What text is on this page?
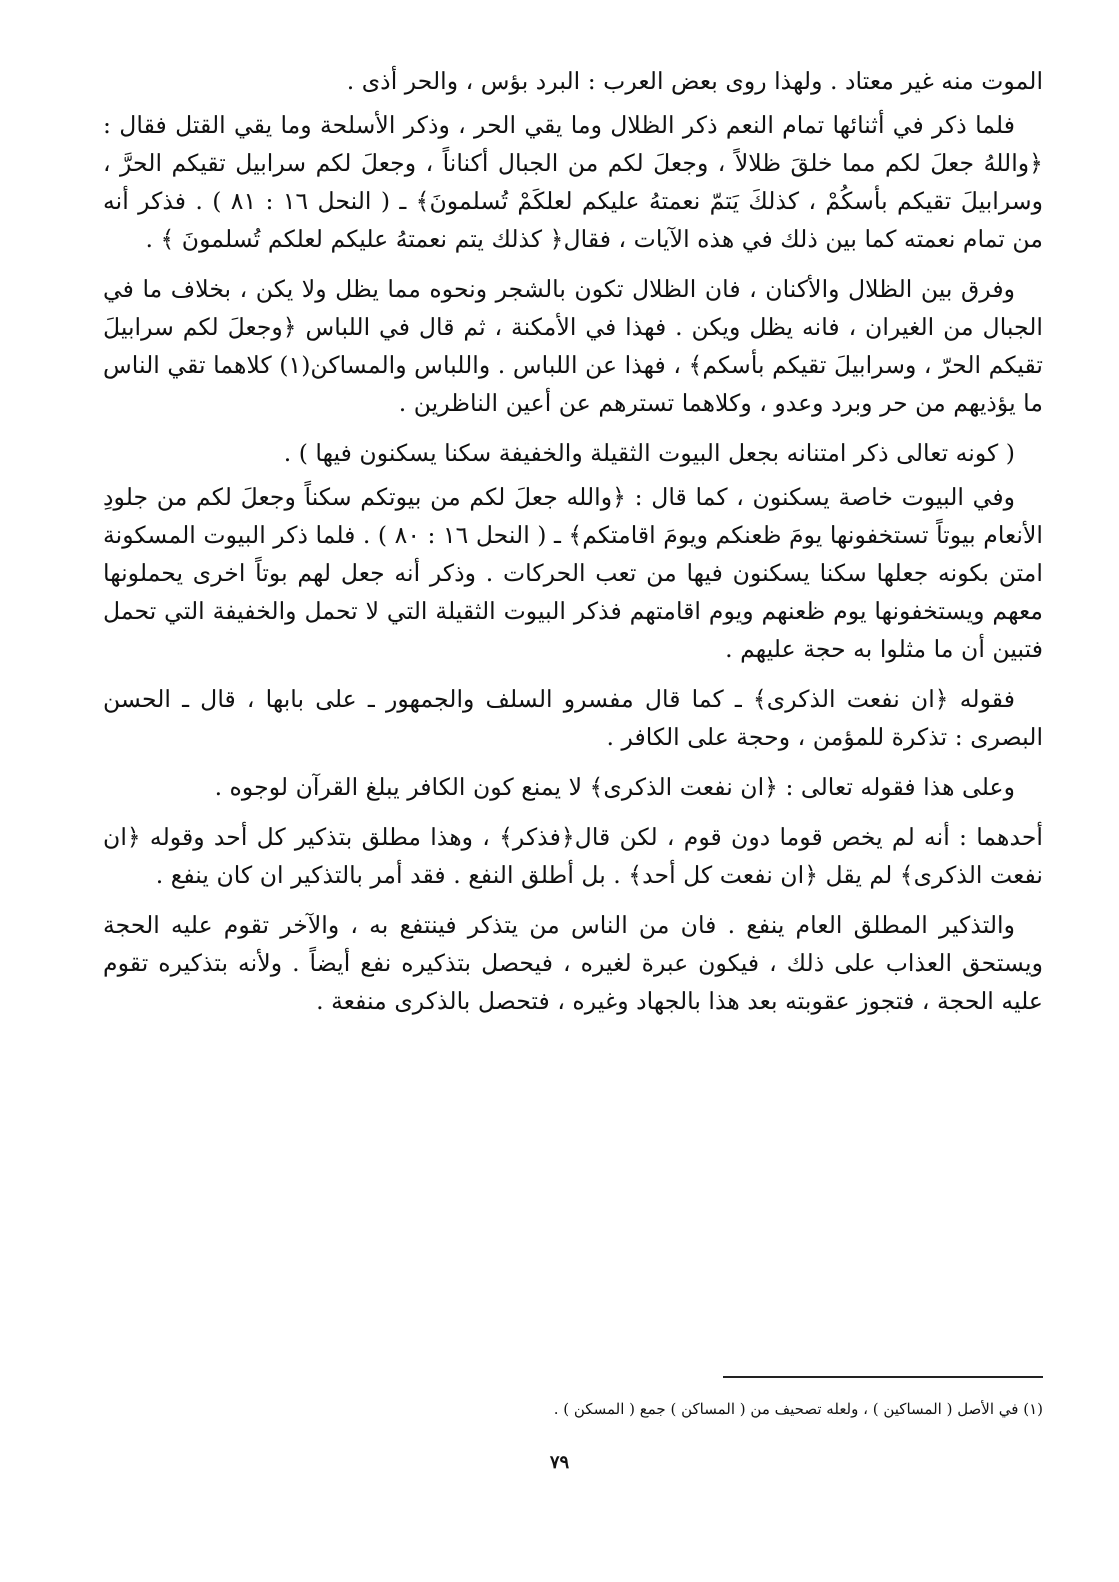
الموت منه غير معتاد . ولهذا روى بعض العرب : البرد بؤس ، والحر أذى .

فلما ذكر في أثنائها تمام النعم ذكر الظلال وما يقي الحر ، وذكر الأسلحة وما يقي القتل فقال : ﴿واللهُ جعلَ لكم مما خلقَ ظلالاً ، وجعلَ لكم من الجبال أكناناً ، وجعلَ لكم سرابيل تقيكم الحرَّ ، وسرابيلَ تقيكم بأسكُمْ ، كذلكَ يَتمّ نعمتهُ عليكم لعلكَمْ تُسلمونَ﴾ ـ ( النحل ١٦ : ٨١ ) . فذكر أنه من تمام نعمته كما بين ذلك في هذه الآيات ، فقال﴿ كذلك يتم نعمتهُ عليكم لعلكم تُسلمونَ ﴾ .

وفرق بين الظلال والأكنان ، فان الظلال تكون بالشجر ونحوه مما يظل ولا يكن ، بخلاف ما في الجبال من الغيران ، فانه يظل ويكن . فهذا في الأمكنة ، ثم قال في اللباس ﴿وجعلَ لكم سرابيلَ تقيكم الحرّ ، وسرابيلَ تقيكم بأسكم﴾ ، فهذا عن اللباس . واللباس والمساكن(١) كلاهما تقي الناس ما يؤذيهم من حر وبرد وعدو ، وكلاهما تسترهم عن أعين الناظرين .

( كونه تعالى ذكر امتنانه بجعل البيوت الثقيلة والخفيفة سكنا يسكنون فيها ) .

وفي البيوت خاصة يسكنون ، كما قال : ﴿والله جعلَ لكم من بيوتكم سكناً وجعلَ لكم من جلودِ الأنعام بيوتاً تستخفونها يومَ ظعنكم ويومَ اقامتكم﴾ ـ ( النحل ١٦ : ٨٠ ) . فلما ذكر البيوت المسكونة امتن بكونه جعلها سكنا يسكنون فيها من تعب الحركات . وذكر أنه جعل لهم بوتاً اخرى يحملونها معهم ويستخفونها يوم ظعنهم ويوم اقامتهم فذكر البيوت الثقيلة التي لا تحمل والخفيفة التي تحمل فتبين أن ما مثلوا به حجة عليهم .

فقوله ﴿ان نفعت الذكرى﴾ ـ كما قال مفسرو السلف والجمهور ـ على بابها ، قال ـ الحسن البصرى : تذكرة للمؤمن ، وحجة على الكافر .

وعلى هذا فقوله تعالى : ﴿ان نفعت الذكرى﴾ لا يمنع كون الكافر يبلغ القرآن لوجوه .

أحدهما : أنه لم يخص قوما دون قوم ، لكن قال﴿فذكر﴾ ، وهذا مطلق بتذكير كل أحد وقوله ﴿ان نفعت الذكرى﴾ لم يقل ﴿ان نفعت كل أحد﴾ . بل أطلق النفع . فقد أمر بالتذكير ان كان ينفع .

والتذكير المطلق العام ينفع . فان من الناس من يتذكر فينتفع به ، والآخر تقوم عليه الحجة ويستحق العذاب على ذلك ، فيكون عبرة لغيره ، فيحصل بتذكيره نفع أيضاً . ولأنه بتذكيره تقوم عليه الحجة ، فتجوز عقوبته بعد هذا بالجهاد وغيره ، فتحصل بالذكرى منفعة .

(١) في الأصل ( المساكين ) ، ولعله تصحيف من ( المساكن ) جمع ( المسكن ) .
٧٩
